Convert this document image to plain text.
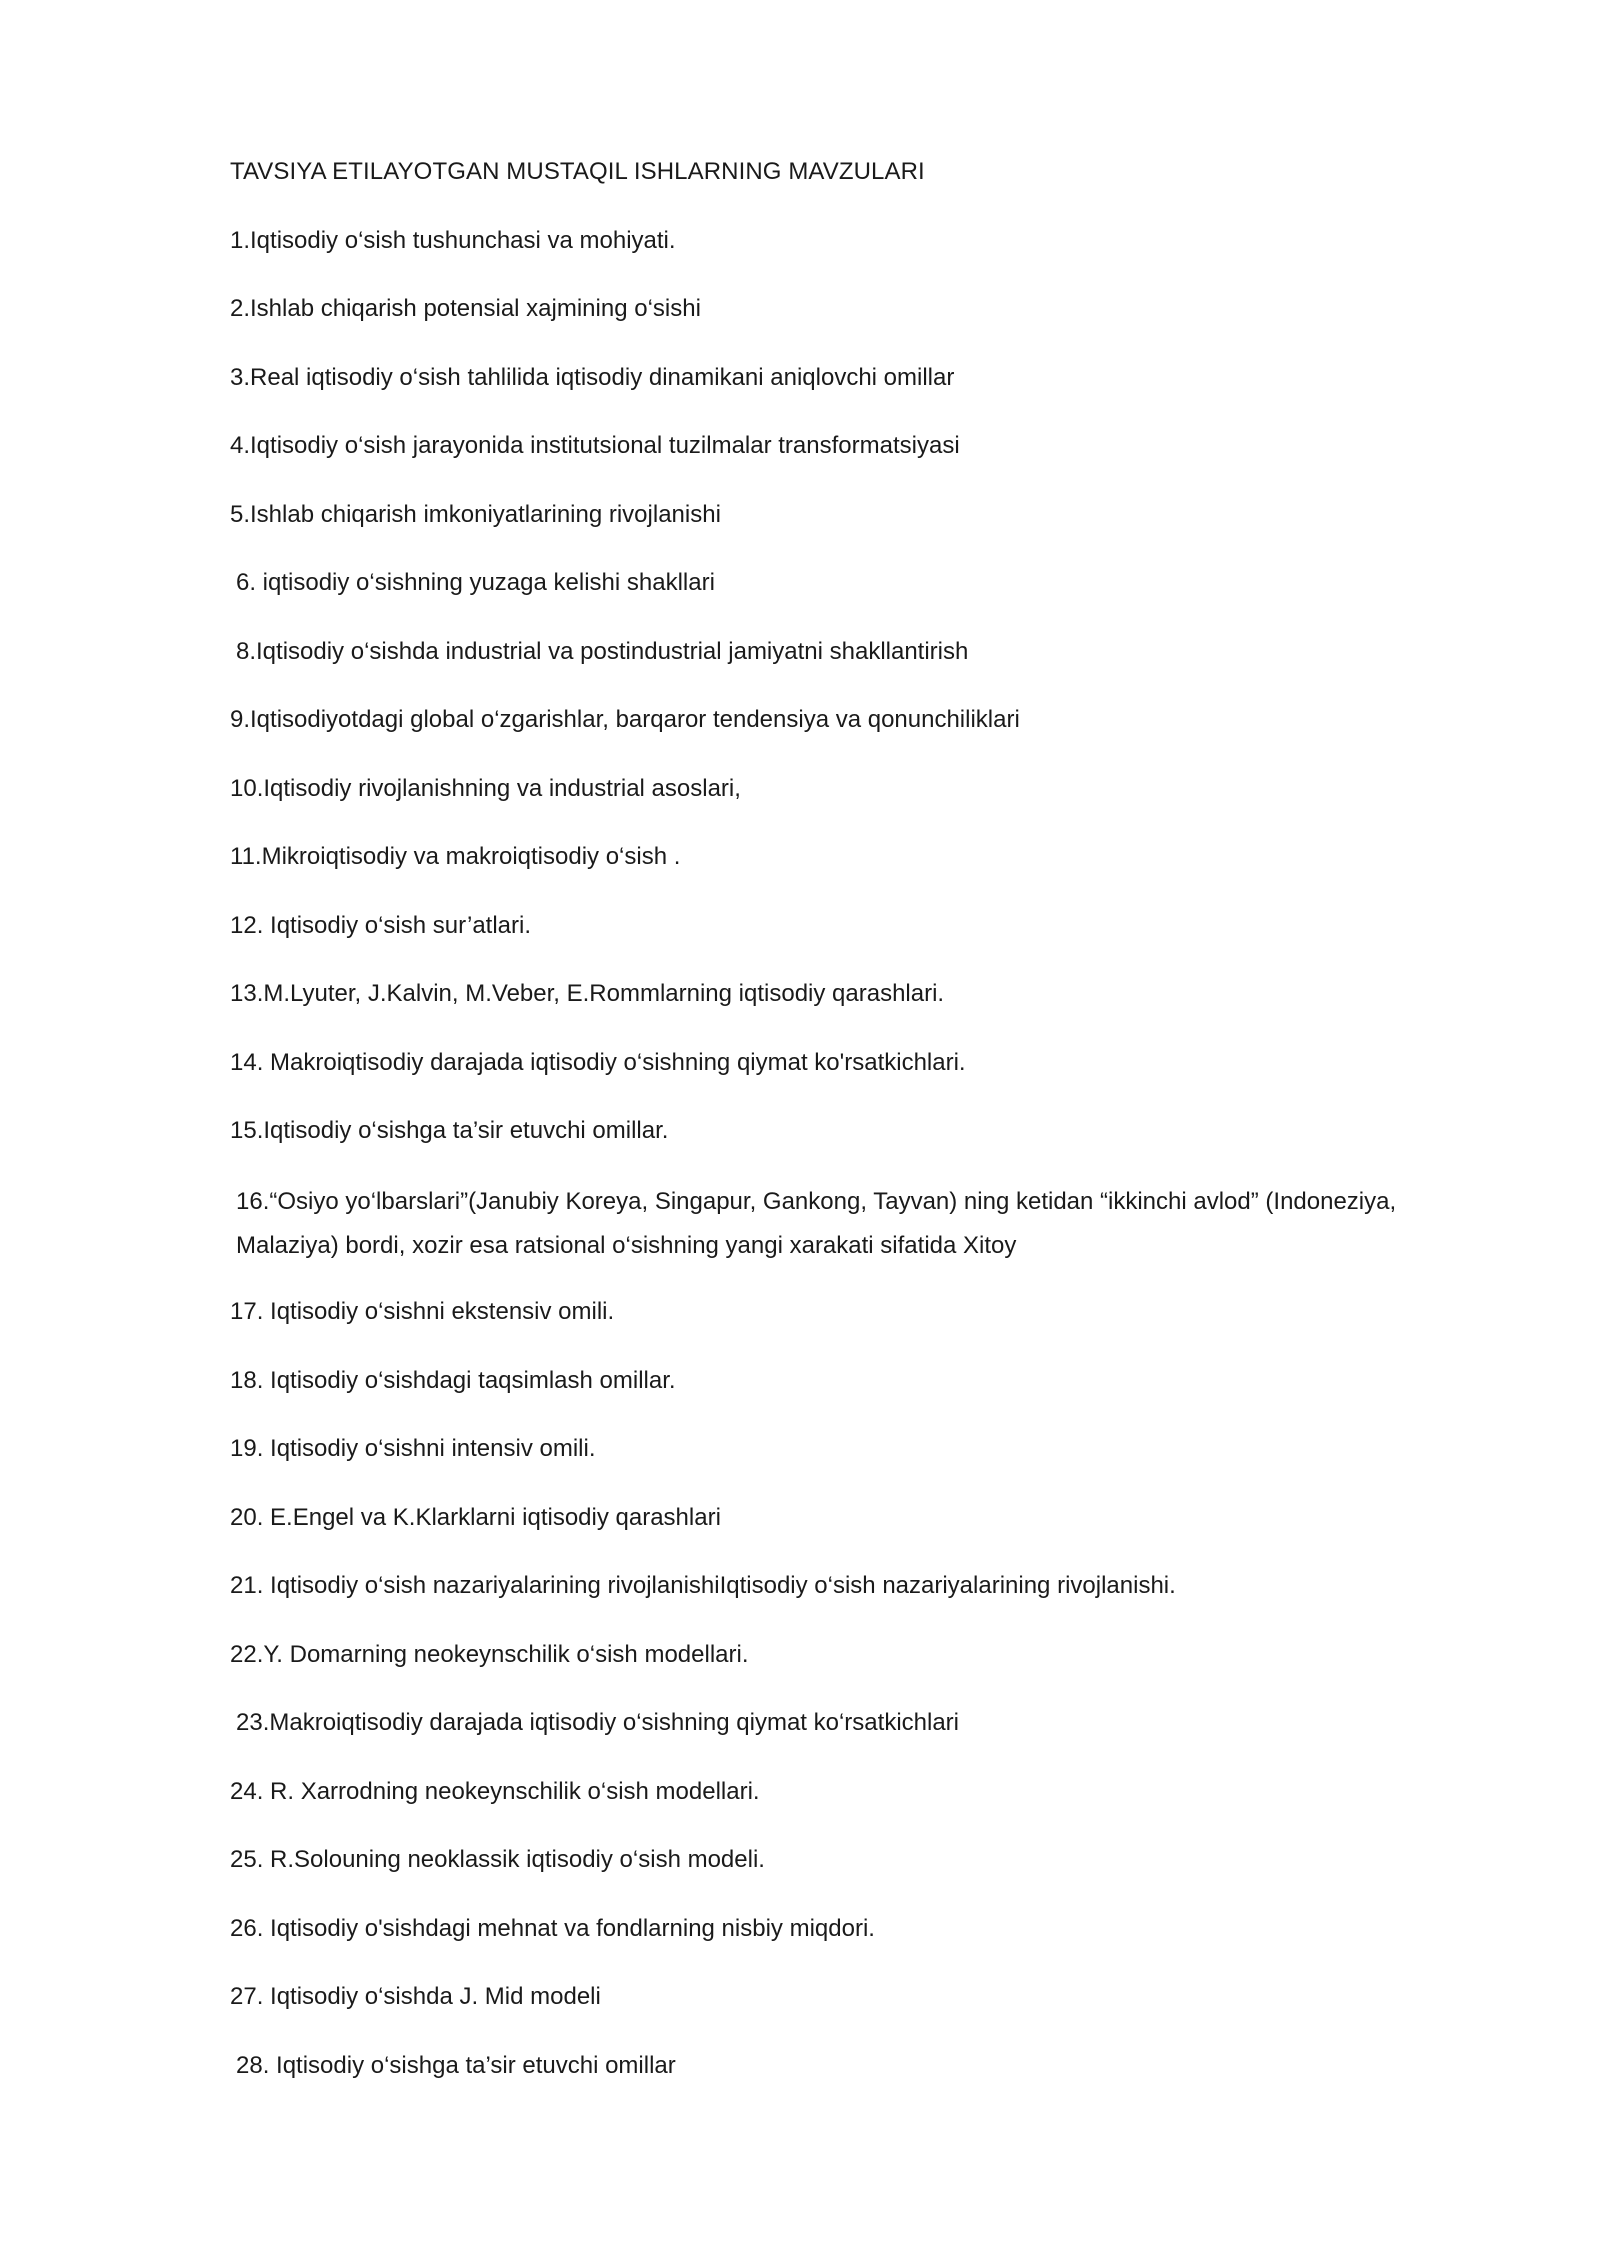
TAVSIYA ETILAYOTGAN MUSTAQIL ISHLARNING MAVZULARI
1.Iqtisodiy o‘sish tushunchasi va mohiyati.
2.Ishlab chiqarish potensial xajmining o‘sishi
3.Real iqtisodiy o‘sish tahlilida iqtisodiy dinamikani aniqlovchi omillar
4.Iqtisodiy o‘sish jarayonida institutsional tuzilmalar transformatsiyasi
5.Ishlab chiqarish imkoniyatlarining rivojlanishi
6. iqtisodiy o‘sishning yuzaga kelishi shakllari
8.Iqtisodiy o‘sishda industrial va postindustrial jamiyatni shakllantirish
9.Iqtisodiyotdagi global o‘zgarishlar, barqaror tendensiya va qonunchiliklari
10.Iqtisodiy rivojlanishning va industrial asoslari,
11.Mikroiqtisodiy va makroiqtisodiy o‘sish .
12. Iqtisodiy o‘sish sur’atlari.
13.M.Lyuter, J.Kalvin, M.Veber, E.Rommlarning iqtisodiy qarashlari.
14. Makroiqtisodiy darajada iqtisodiy o‘sishning qiymat ko'rsatkichlari.
15.Iqtisodiy o‘sishga ta’sir etuvchi omillar.
16.“Osiyo yo‘lbarslari”(Janubiy Koreya, Singapur, Gankong, Tayvan) ning ketidan “ikkinchi avlod” (Indoneziya, Malaziya) bordi, xozir esa ratsional o‘sishning yangi xarakati sifatida Xitoy
17. Iqtisodiy o‘sishni ekstensiv omili.
18. Iqtisodiy o‘sishdagi taqsimlash omillar.
19. Iqtisodiy o‘sishni intensiv omili.
20. E.Engel va K.Klarklarni iqtisodiy qarashlari
21. Iqtisodiy o‘sish nazariyalarining rivojlanishiIqtisodiy o‘sish nazariyalarining rivojlanishi.
22.Y. Domarning neokeynschilik o‘sish modellari.
23.Makroiqtisodiy darajada iqtisodiy o‘sishning qiymat ko‘rsatkichlari
24. R. Xarrodning neokeynschilik o‘sish modellari.
25. R.Solouning neoklassik iqtisodiy o‘sish modeli.
26. Iqtisodiy o'sishdagi mehnat va fondlarning nisbiy miqdori.
27. Iqtisodiy o‘sishda J. Mid modeli
28. Iqtisodiy o‘sishga ta’sir etuvchi omillar
